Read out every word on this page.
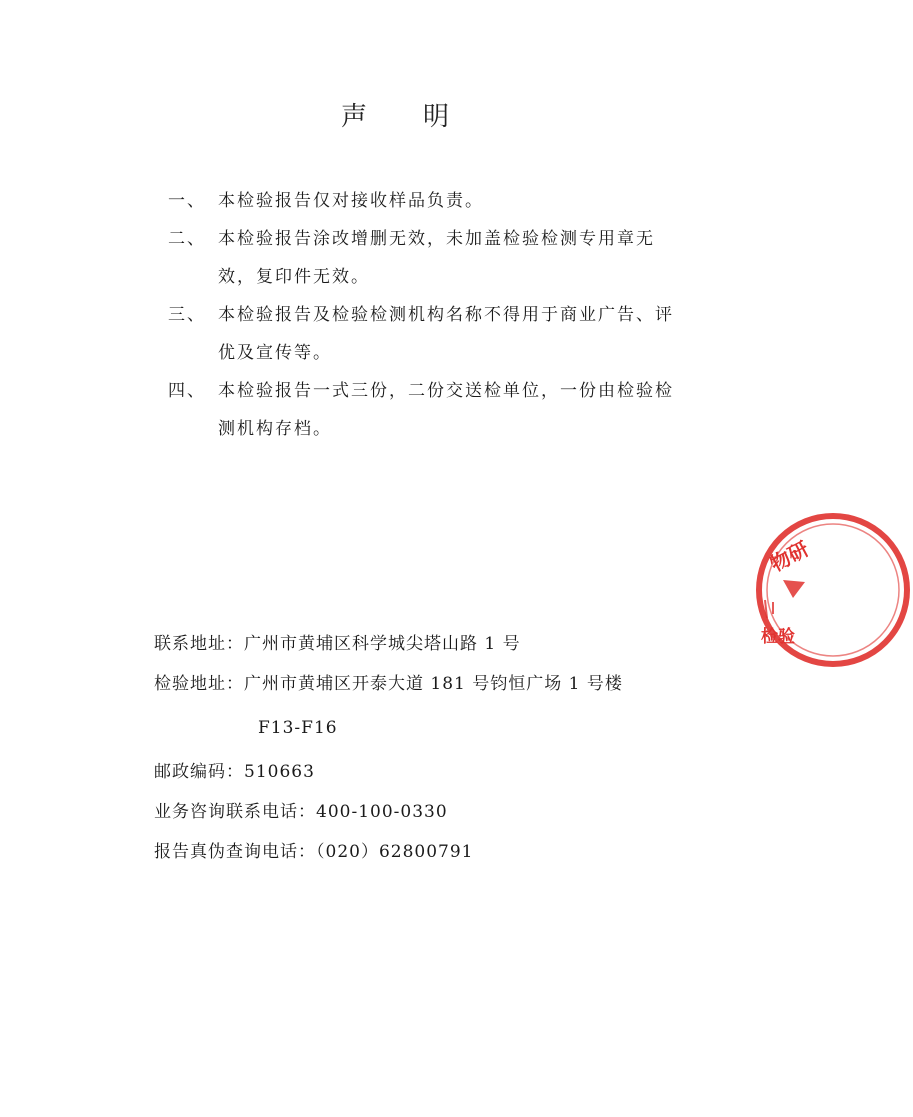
声明
一、 本检验报告仅对接收样品负责。
二、 本检验报告涂改增删无效，未加盖检验检测专用章无效，复印件无效。
三、 本检验报告及检验检测机构名称不得用于商业广告、评优及宣传等。
四、 本检验报告一式三份，二份交送检单位，一份由检验检测机构存档。
联系地址：广州市黄埔区科学城尖塔山路 1 号
检验地址：广州市黄埔区开泰大道 181 号钧恒广场 1 号楼
F13-F16
邮政编码：510663
业务咨询联系电话：400-100-0330
报告真伪查询电话：（020）62800791
物研
检验
